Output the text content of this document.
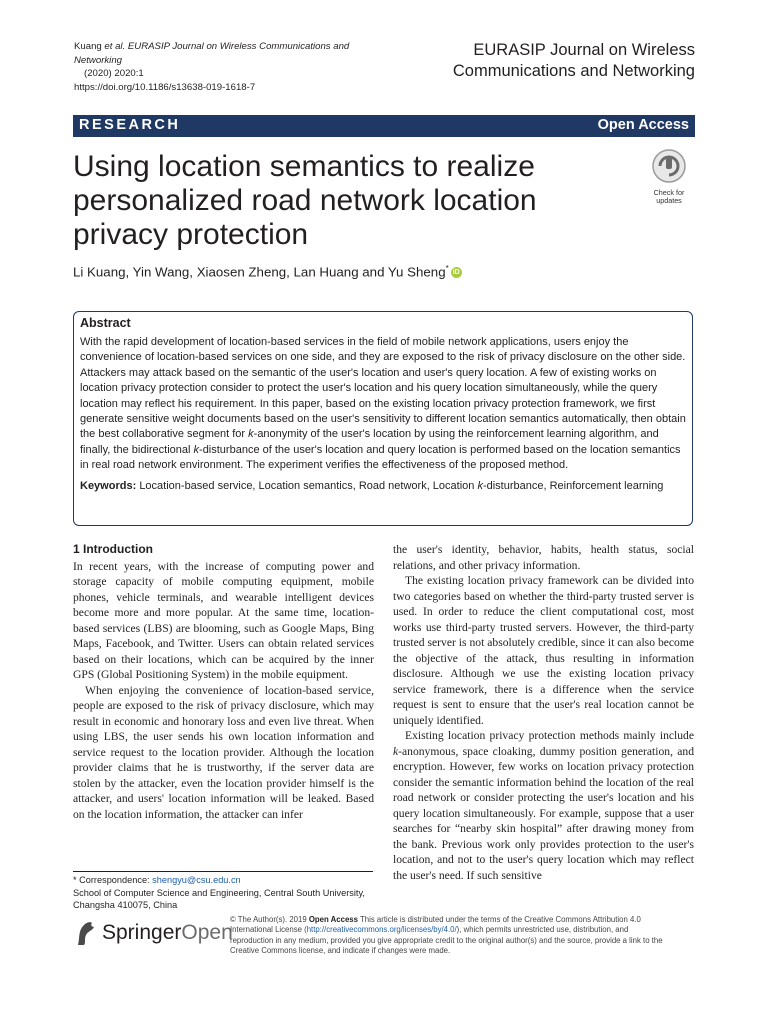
Kuang et al. EURASIP Journal on Wireless Communications and Networking
(2020) 2020:1
https://doi.org/10.1186/s13638-019-1618-7
EURASIP Journal on Wireless
Communications and Networking
RESEARCH	Open Access
Using location semantics to realize personalized road network location privacy protection
Check for
updates
Li Kuang, Yin Wang, Xiaosen Zheng, Lan Huang and Yu Sheng* iD
Abstract
With the rapid development of location-based services in the field of mobile network applications, users enjoy the convenience of location-based services on one side, and they are exposed to the risk of privacy disclosure on the other side. Attackers may attack based on the semantic of the user's location and user's query location. A few of existing works on location privacy protection consider to protect the user's location and his query location simultaneously, while the query location may reflect his requirement. In this paper, based on the existing location privacy protection framework, we first generate sensitive weight documents based on the user's sensitivity to different location semantics automatically, then obtain the best collaborative segment for k-anonymity of the user's location by using the reinforcement learning algorithm, and finally, the bidirectional k-disturbance of the user's location and query location is performed based on the location semantics in real road network environment. The experiment verifies the effectiveness of the proposed method.
Keywords: Location-based service, Location semantics, Road network, Location k-disturbance, Reinforcement learning
1 Introduction

In recent years, with the increase of computing power and storage capacity of mobile computing equipment, mobile phones, vehicle terminals, and wearable intelligent devices become more and more popular. At the same time, location-based services (LBS) are blooming, such as Google Maps, Bing Maps, Facebook, and Twitter. Users can obtain related services based on their locations, which can be acquired by the inner GPS (Global Positioning System) in the mobile equipment.

When enjoying the convenience of location-based service, people are exposed to the risk of privacy disclosure, which may result in economic and honorary loss and even live threat. When using LBS, the user sends his own location information and service request to the location provider. Although the location provider claims that he is trustworthy, if the server data are stolen by the attacker, even the location provider himself is the attacker, and users' location information will be leaked. Based on the location information, the attacker can infer

the user's identity, behavior, habits, health status, social relations, and other privacy information.

The existing location privacy framework can be divided into two categories based on whether the third-party trusted server is used. In order to reduce the client computational cost, most works use third-party trusted servers. However, the third-party trusted server is not absolutely credible, since it can also become the objective of the attack, thus resulting in information disclosure. Although we use the existing location privacy service framework, there is a difference when the service request is sent to ensure that the user's real location cannot be uniquely identified.

Existing location privacy protection methods mainly include k-anonymous, space cloaking, dummy position generation, and encryption. However, few works on location privacy protection consider the semantic information behind the location of the real road network or consider protecting the user's location and his query location simultaneously. For example, suppose that a user searches for “nearby skin hospital” after drawing money from the bank. Previous work only provides protection to the user's location, and not to the user's query location which may reflect the user's need. If such sensitive

* Correspondence: shengyu@csu.edu.cn
School of Computer Science and Engineering, Central South University,
Changsha 410075, China
SpringerOpen
© The Author(s). 2019 Open Access This article is distributed under the terms of the Creative Commons Attribution 4.0 International License (http://creativecommons.org/licenses/by/4.0/), which permits unrestricted use, distribution, and reproduction in any medium, provided you give appropriate credit to the original author(s) and the source, provide a link to the Creative Commons license, and indicate if changes were made.
